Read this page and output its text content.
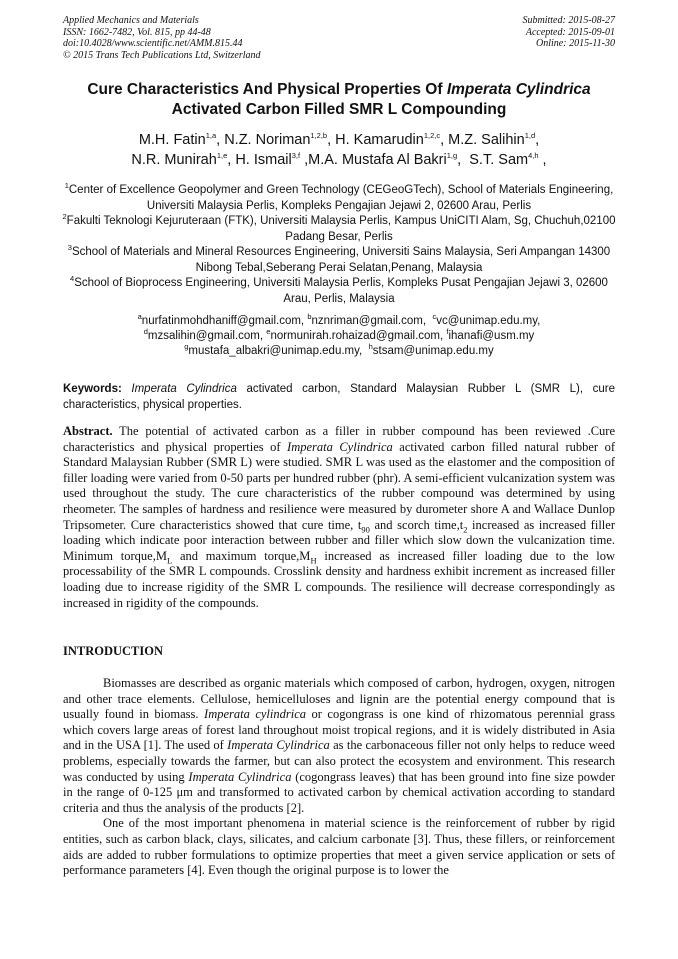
Applied Mechanics and Materials
ISSN: 1662-7482, Vol. 815, pp 44-48
doi:10.4028/www.scientific.net/AMM.815.44
© 2015 Trans Tech Publications Ltd, Switzerland
Submitted: 2015-08-27
Accepted: 2015-09-01
Online: 2015-11-30
Cure Characteristics And Physical Properties Of Imperata Cylindrica
Activated Carbon Filled SMR L Compounding
M.H. Fatin$^{1,a}$, N.Z. Noriman$^{1,2,b}$, H. Kamarudin$^{1,2,c}$, M.Z. Salihin$^{1,d}$,
N.R. Munirah$^{1,e}$, H. Ismail$^{3,f}$ ,M.A. Mustafa Al Bakri$^{1,g}$,  S.T. Sam$^{4,h}$ ,

$^1$Center of Excellence Geopolymer and Green Technology (CEGeoGTech), School of Materials Engineering, Universiti Malaysia Perlis, Kompleks Pengajian Jejawi 2, 02600 Arau, Perlis

$^2$Fakulti Teknologi Kejuruteraan (FTK), Universiti Malaysia Perlis, Kampus UniCITI Alam, Sg, Chuchuh,02100 Padang Besar, Perlis

$^3$School of Materials and Mineral Resources Engineering, Universiti Sains Malaysia, Seri Ampangan 14300 Nibong Tebal,Seberang Perai Selatan,Penang, Malaysia

$^4$School of Bioprocess Engineering, Universiti Malaysia Perlis, Kompleks Pusat Pengajian Jejawi 3, 02600 Arau, Perlis, Malaysia

$^a$nurfatinmohdhaniff@gmail.com, $^b$nznriman@gmail.com,  $^c$vc@unimap.edu.my,

$^d$mzsalihin@gmail.com, $^e$normunirah.rohaizad@gmail.com, $^f$ihanafi@usm.my

$^g$mustafa_albakri@unimap.edu.my,  $^h$stsam@unimap.edu.my

Keywords: Imperata Cylindrica activated carbon, Standard Malaysian Rubber L (SMR L), cure characteristics, physical properties.
Abstract. The potential of activated carbon as a filler in rubber compound has been reviewed .Cure characteristics and physical properties of Imperata Cylindrica activated carbon filled natural rubber of Standard Malaysian Rubber (SMR L) were studied. SMR L was used as the elastomer and the composition of filler loading were varied from 0-50 parts per hundred rubber (phr). A semi-efficient vulcanization system was used throughout the study. The cure characteristics of the rubber compound was determined by using rheometer. The samples of hardness and resilience were measured by durometer shore A and Wallace Dunlop Tripsometer. Cure characteristics showed that cure time, $t_{90}$ and scorch $time,t_2$ increased as increased filler loading which indicate poor interaction between rubber and filler which slow down the vulcanization time. Minimum $torque,M_L$ and maximum $torque,M_H$ increased as increased filler loading due to the low processability of the SMR L compounds. Crosslink density and hardness exhibit increment as increased filler loading due to increase rigidity of the SMR L compounds. The resilience will decrease correspondingly as increased in rigidity of the compounds.
INTRODUCTION

Biomasses are described as organic materials which composed of carbon, hydrogen, oxygen, nitrogen and other trace elements. Cellulose, hemicelluloses and lignin are the potential energy compound that is usually found in biomass. Imperata cylindrica or cogongrass is one kind of rhizomatous perennial grass which covers large areas of forest land throughout moist tropical regions, and it is widely distributed in Asia and in the USA [1]. The used of Imperata Cylindrica as the carbonaceous filler not only helps to reduce weed problems, especially towards the farmer, but can also protect the ecosystem and environment. This research was conducted by using Imperata Cylindrica (cogongrass leaves) that has been ground into fine size powder in the range of 0-125 μm and transformed to activated carbon by chemical activation according to standard criteria and thus the analysis of the products [2].

One of the most important phenomena in material science is the reinforcement of rubber by rigid entities, such as carbon black, clays, silicates, and calcium carbonate [3]. Thus, these fillers, or reinforcement aids are added to rubber formulations to optimize properties that meet a given service application or sets of performance parameters [4]. Even though the original purpose is to lower the
